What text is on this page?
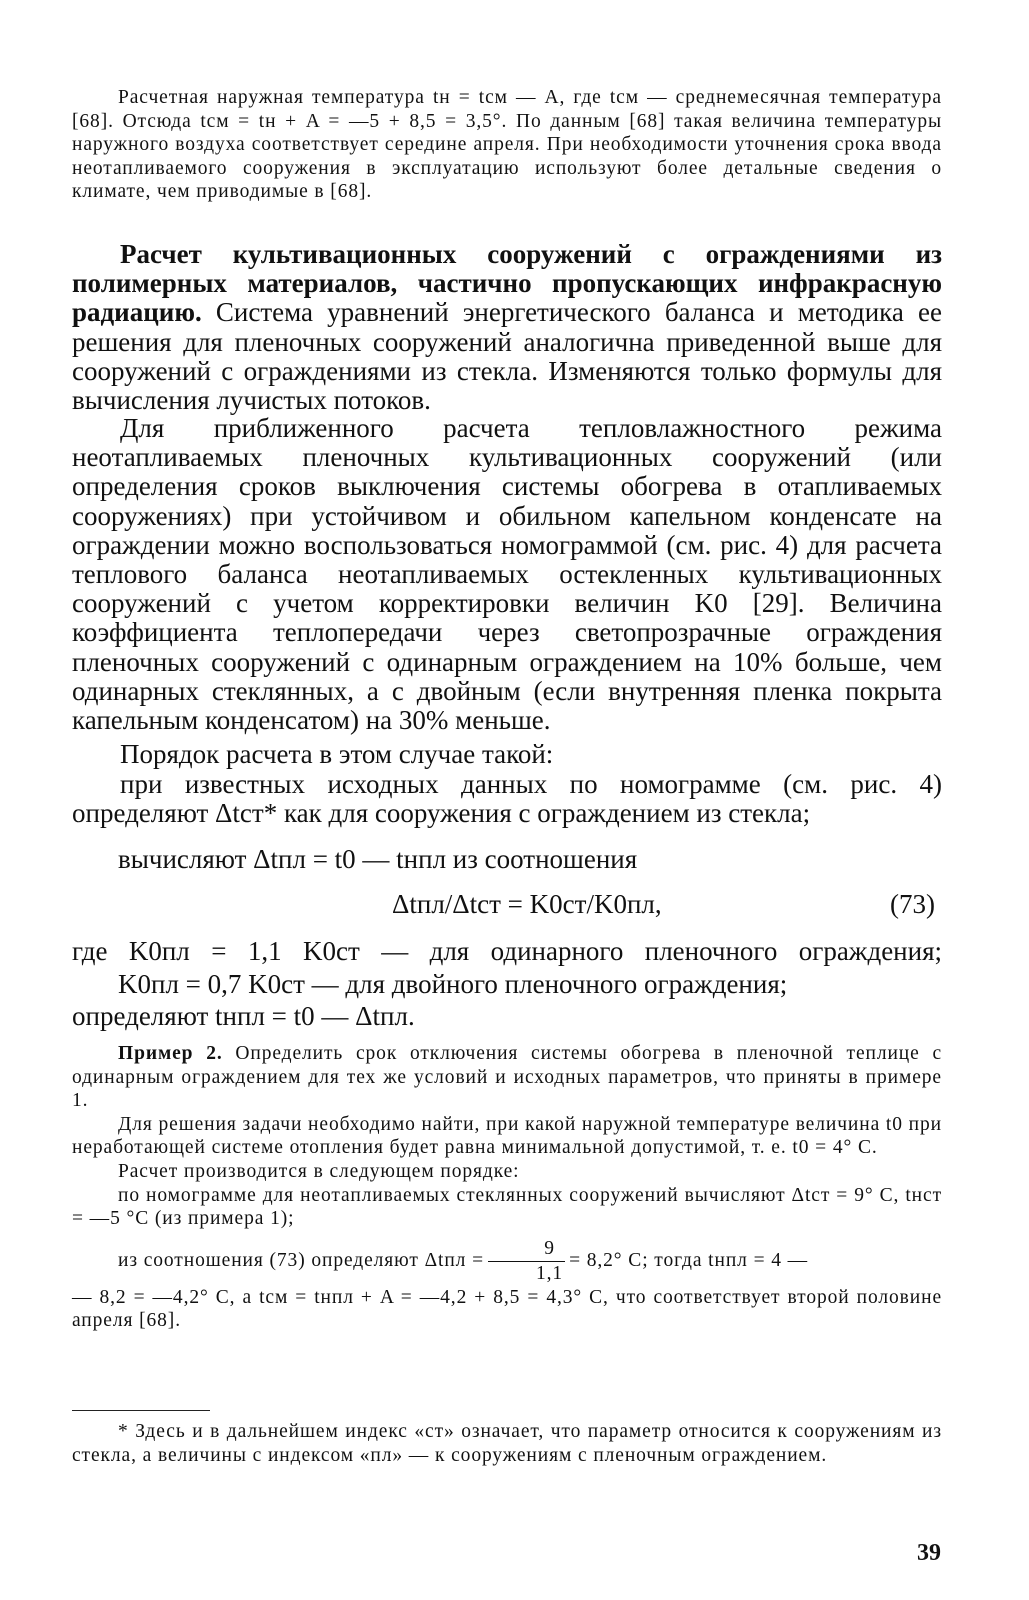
Расчетная наружная температура tн = tсм — A, где tсм — среднемесячная температура [68]. Отсюда tсм = tн + A = —5 + 8,5 = 3,5°. По данным [68] такая величина температуры наружного воздуха соответствует середине апреля. При необходимости уточнения срока ввода неотапливаемого сооружения в эксплуатацию используют более детальные сведения о климате, чем приводимые в [68].

Расчет культивационных сооружений с ограждениями из полимерных материалов, частично пропускающих инфракрасную радиацию. Система уравнений энергетического баланса и методика ее решения для пленочных сооружений аналогична приведенной выше для сооружений с ограждениями из стекла. Изменяются только формулы для вычисления лучистых потоков.

Для приближенного расчета тепловлажностного режима неотапливаемых пленочных культивационных сооружений (или определения сроков выключения системы обогрева в отапливаемых сооружениях) при устойчивом и обильном капельном конденсате на ограждении можно воспользоваться номограммой (см. рис. 4) для расчета теплового баланса неотапливаемых остекленных культивационных сооружений с учетом корректировки величин K0 [29]. Величина коэффициента теплопередачи через светопрозрачные ограждения пленочных сооружений с одинарным ограждением на 10% больше, чем одинарных стеклянных, а с двойным (если внутренняя пленка покрыта капельным конденсатом) на 30% меньше.

Порядок расчета в этом случае такой:

при известных исходных данных по номограмме (см. рис. 4) определяют Δtст* как для сооружения с ограждением из стекла;

вычисляют Δtпл = t0 — tнпл из соотношения
Δtпл/Δtст = K0ст/K0пл,	(73)
где K0пл = 1,1 K0ст — для одинарного пленочного ограждения;
K0пл = 0,7 K0ст — для двойного пленочного ограждения;
определяют tнпл = t0 — Δtпл.

Пример 2. Определить срок отключения системы обогрева в пленочной теплице с одинарным ограждением для тех же условий и исходных параметров, что приняты в примере 1.

Для решения задачи необходимо найти, при какой наружной температуре величина t0 при неработающей системе отопления будет равна минимальной допустимой, т. е. t0 = 4° C.

Расчет производится в следующем порядке:

по номограмме для неотапливаемых стеклянных сооружений вычисляют Δtст = 9° C, tнст = —5 °C (из примера 1);

из соотношения (73) определяют $\Delta tпл = \frac{9}{1,1} = 8,2^\circ$ C; тогда tнпл = 4 —

— 8,2 = —4,2° C, а tсм = tнпл + A = —4,2 + 8,5 = 4,3° C, что соответствует второй половине апреля [68].

* Здесь и в дальнейшем индекс «ст» означает, что параметр относится к сооружениям из стекла, а величины с индексом «пл» — к сооружениям с пленочным ограждением.

39
